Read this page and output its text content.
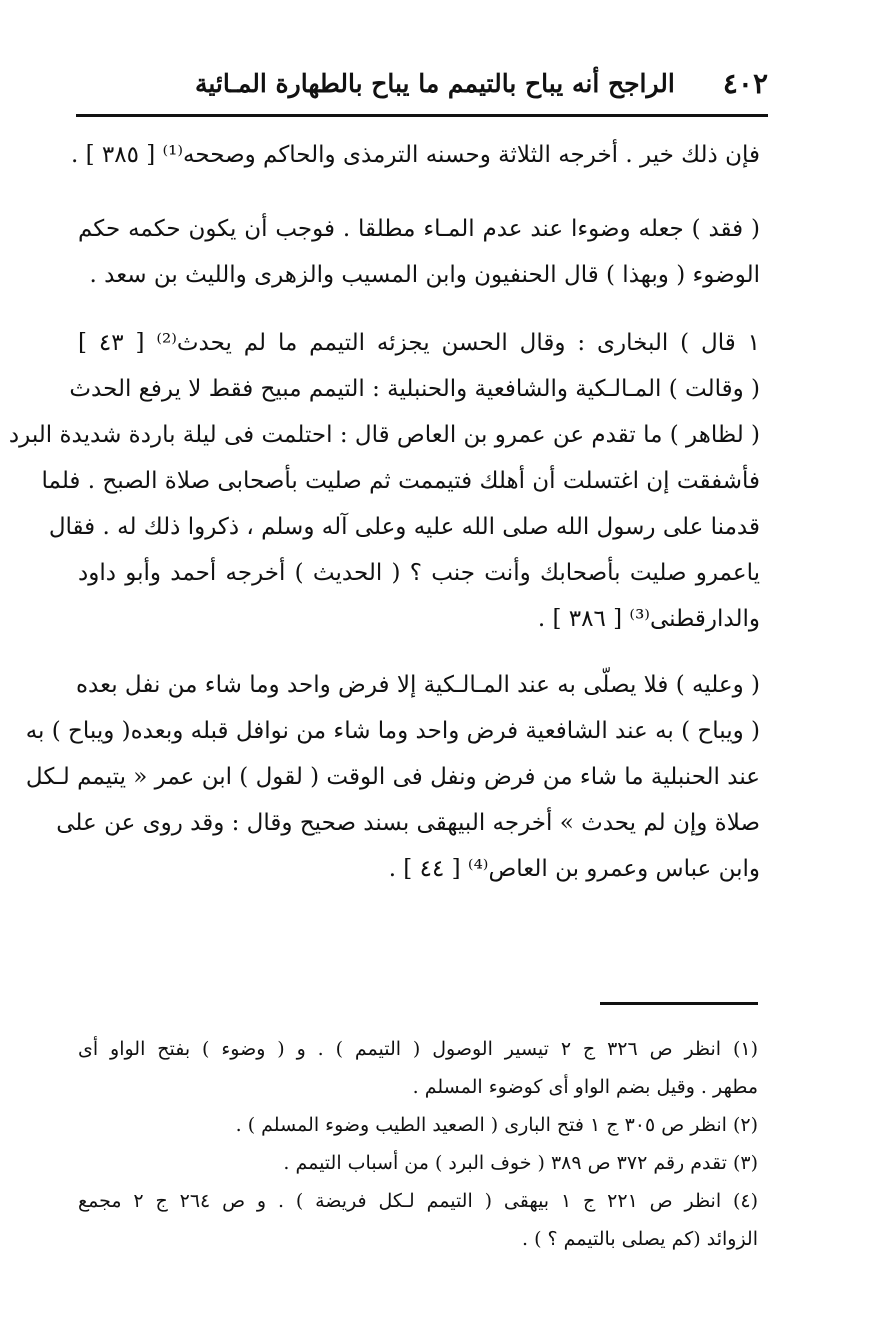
٤٠٢
الراجح أنه يباح بالتيمم ما يباح بالطهارة المـائية
فإن ذلك خير . أخرجه الثلاثة وحسنه الترمذى والحاكم وصححه⁽¹⁾ [ ٣٨٥ ] .
( فقد ) جعله وضوءا عند عدم المـاء مطلقا . فوجب أن يكون حكمه حكم
الوضوء ( وبهذا ) قال الحنفيون وابن المسيب والزهرى والليث بن سعد .
١ قال ) البخارى : وقال الحسن يجزئه التيمم ما لم يحدث⁽²⁾ [ ٤٣ ]
( وقالت ) المـالـكية والشافعية والحنبلية : التيمم مبيح فقط لا يرفع الحدث
( لظاهر ) ما تقدم عن عمرو بن العاص قال : احتلمت فى ليلة باردة شديدة البرد
فأشفقت إن اغتسلت أن أهلك فتيممت ثم صليت بأصحابى صلاة الصبح . فلما
قدمنا على رسول الله صلى الله عليه وعلى آله وسلم ، ذكروا ذلك له . فقال
ياعمرو صليت بأصحابك وأنت جنب ؟ ( الحديث ) أخرجه أحمد وأبو داود
والدارقطنى⁽³⁾ [ ٣٨٦ ] .
( وعليه ) فلا يصلّى به عند المـالـكية إلا فرض واحد وما شاء من نفل بعده
( ويباح ) به عند الشافعية فرض واحد وما شاء من نوافل قبله وبعده( ويباح ) به
عند الحنبلية ما شاء من فرض ونفل فى الوقت ( لقول ) ابن عمر « يتيمم لـكل
صلاة وإن لم يحدث » أخرجه البيهقى بسند صحيح وقال : وقد روى عن على
وابن عباس وعمرو بن العاص⁽⁴⁾ [ ٤٤ ] .
(١) انظر ص ٣٢٦ ج ٢ تيسير الوصول ( التيمم ) . و ( وضوء ) بفتح الواو أى
مطهر . وقيل بضم الواو أى كوضوء المسلم .
(٢) انظر ص ٣٠٥ ج ١ فتح البارى ( الصعيد الطيب وضوء المسلم ) .
(٣) تقدم رقم ٣٧٢ ص ٣٨٩ ( خوف البرد ) من أسباب التيمم .
(٤) انظر ص ٢٢١ ج ١ بيهقى ( التيمم لـكل فريضة ) . و ص ٢٦٤ ج ٢ مجمع
الزوائد (كم يصلى بالتيمم ؟ ) .
